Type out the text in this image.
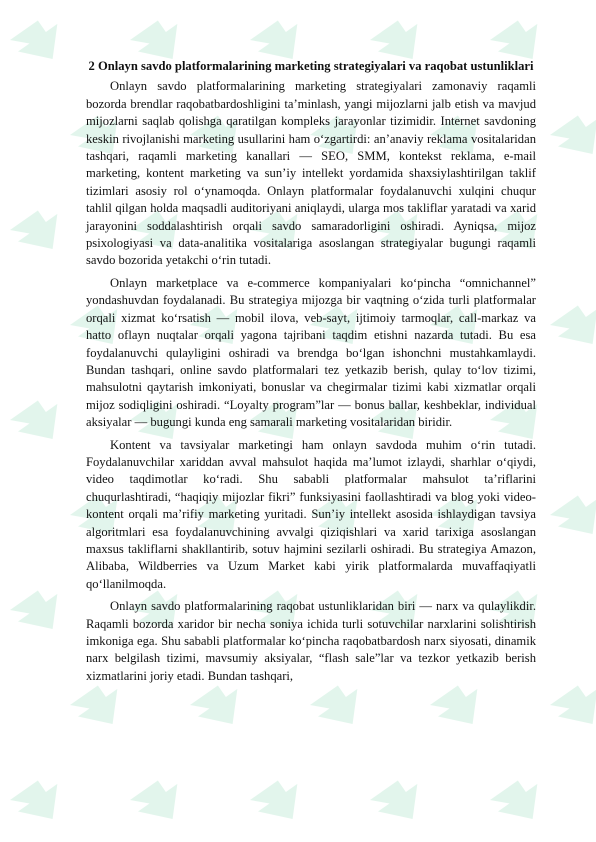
2 Onlayn savdo platformalarining marketing strategiyalari va raqobat ustunliklari

Onlayn savdo platformalarining marketing strategiyalari zamonaviy raqamli bozorda brendlar raqobatbardoshligini taʼminlash, yangi mijozlarni jalb etish va mavjud mijozlarni saqlab qolishga qaratilgan kompleks jarayonlar tizimidir. Internet savdoning keskin rivojlanishi marketing usullarini ham oʻzgartirdi: anʼanaviy reklama vositalaridan tashqari, raqamli marketing kanallari — SEO, SMM, kontekst reklama, e-mail marketing, kontent marketing va sunʼiy intellekt yordamida shaxsiylashtirilgan taklif tizimlari asosiy rol oʻynamoqda. Onlayn platformalar foydalanuvchi xulqini chuqur tahlil qilgan holda maqsadli auditoriyani aniqlaydi, ularga mos takliflar yaratadi va xarid jarayonini soddalashtirish orqali savdo samaradorligini oshiradi. Ayniqsa, mijoz psixologiyasi va data-analitika vositalariga asoslangan strategiyalar bugungi raqamli savdo bozorida yetakchi oʻrin tutadi.

Onlayn marketplace va e-commerce kompaniyalari koʻpincha “omnichannel” yondashuvdan foydalanadi. Bu strategiya mijozga bir vaqtning oʻzida turli platformalar orqali xizmat koʻrsatish — mobil ilova, veb-sayt, ijtimoiy tarmoqlar, call-markaz va hatto oflayn nuqtalar orqali yagona tajribani taqdim etishni nazarda tutadi. Bu esa foydalanuvchi qulayligini oshiradi va brendga boʻlgan ishonchni mustahkamlaydi. Bundan tashqari, online savdo platformalari tez yetkazib berish, qulay toʻlov tizimi, mahsulotni qaytarish imkoniyati, bonuslar va chegirmalar tizimi kabi xizmatlar orqali mijoz sodiqligini oshiradi. “Loyalty program”lar — bonus ballar, keshbeklar, individual aksiyalar — bugungi kunda eng samarali marketing vositalaridan biridir.

Kontent va tavsiyalar marketingi ham onlayn savdoda muhim oʻrin tutadi. Foydalanuvchilar xariddan avval mahsulot haqida maʼlumot izlaydi, sharhlar oʻqiydi, video taqdimotlar koʻradi. Shu sababli platformalar mahsulot taʼriflarini chuqurlashtiradi, “haqiqiy mijozlar fikri” funksiyasini faollashtiradi va blog yoki video-kontent orqali maʼrifiy marketing yuritadi. Sunʼiy intellekt asosida ishlaydigan tavsiya algoritmlari esa foydalanuvchining avvalgi qiziqishlari va xarid tarixiga asoslangan maxsus takliflarni shakllantirib, sotuv hajmini sezilarli oshiradi. Bu strategiya Amazon, Alibaba, Wildberries va Uzum Market kabi yirik platformalarda muvaffaqiyatli qoʻllanilmoqda.

Onlayn savdo platformalarining raqobat ustunliklaridan biri — narx va qulaylikdir. Raqamli bozorda xaridor bir necha soniya ichida turli sotuvchilar narxlarini solishtirish imkoniga ega. Shu sababli platformalar koʻpincha raqobatbardosh narx siyosati, dinamik narx belgilash tizimi, mavsumiy aksiyalar, “flash sale”lar va tezkor yetkazib berish xizmatlarini joriy etadi. Bundan tashqari,
